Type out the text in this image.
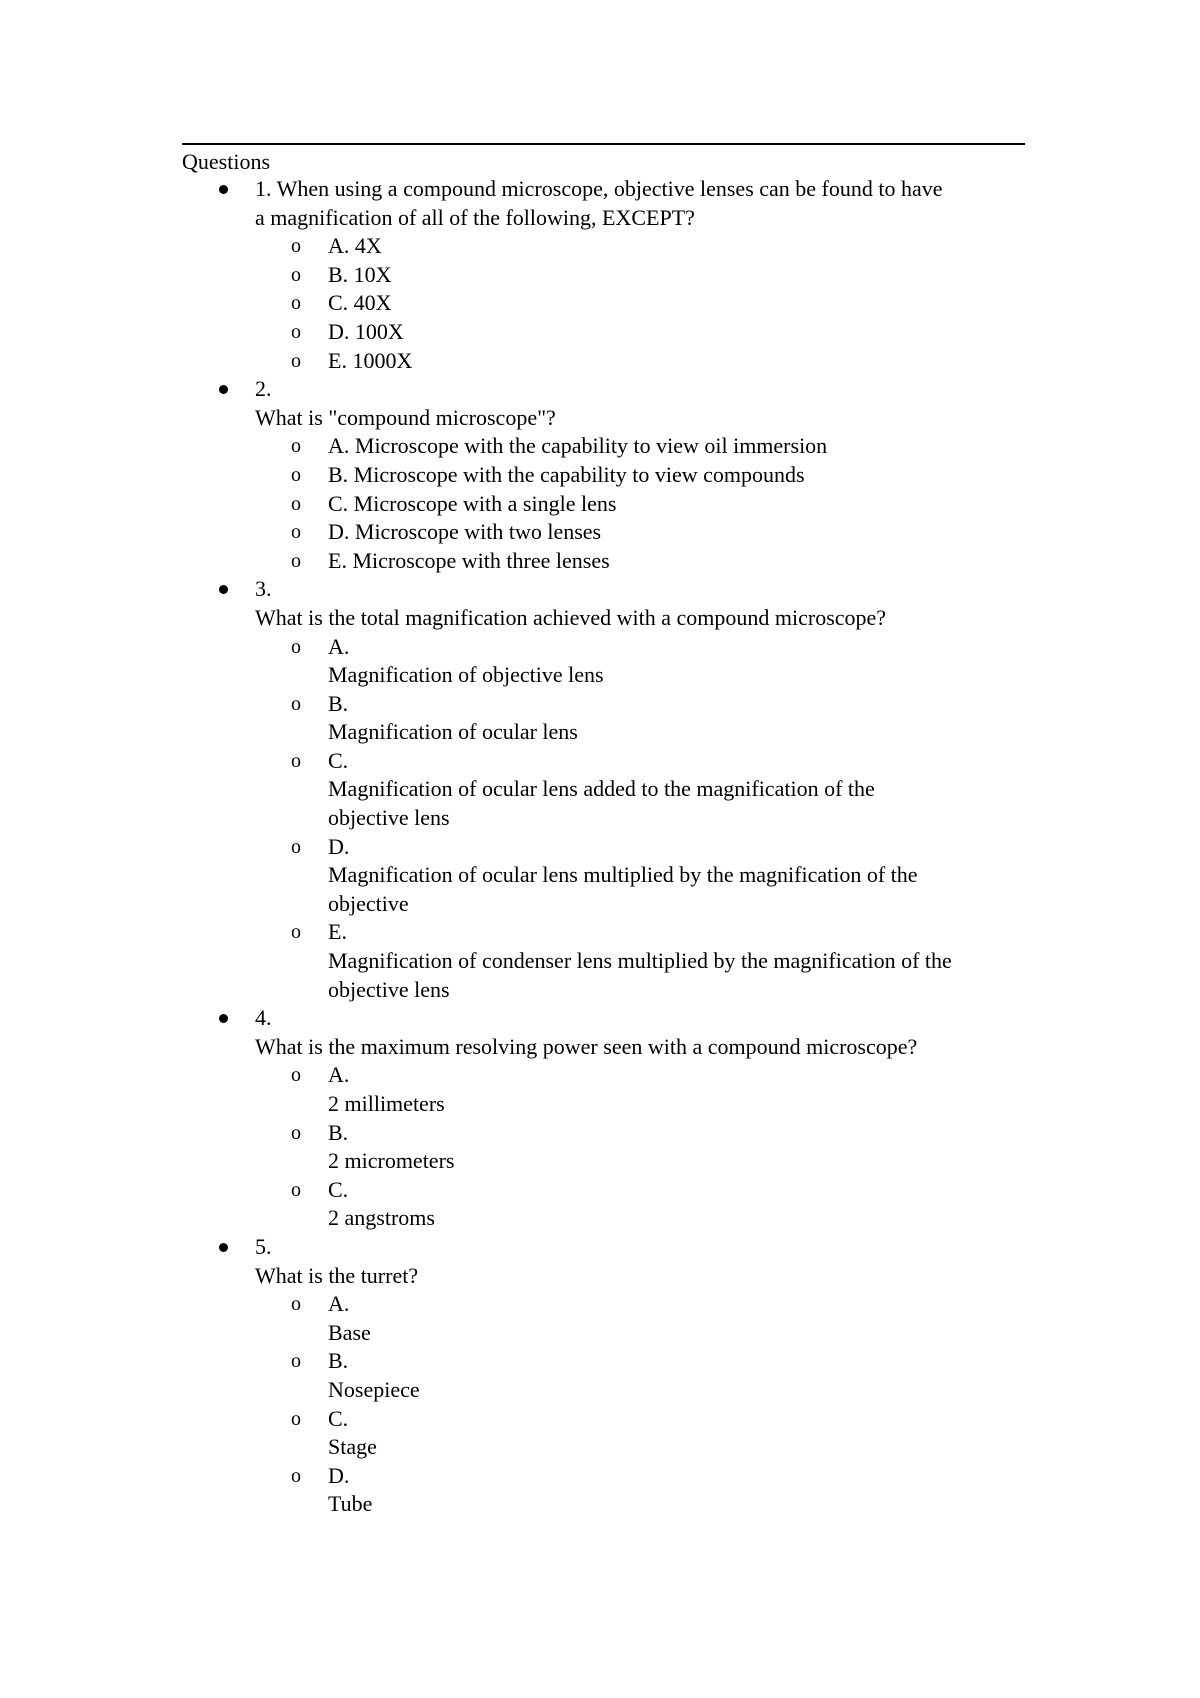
Questions
1. When using a compound microscope, objective lenses can be found to have
a magnification of all of the following, EXCEPT?
o A. 4X
o B. 10X
o C. 40X
o D. 100X
o E. 1000X
2.
What is "compound microscope"?
o A. Microscope with the capability to view oil immersion
o B. Microscope with the capability to view compounds
o C. Microscope with a single lens
o D. Microscope with two lenses
o E. Microscope with three lenses
3.
What is the total magnification achieved with a compound microscope?
o A.
Magnification of objective lens
o B.
Magnification of ocular lens
o C.
Magnification of ocular lens added to the magnification of the
objective lens
o D.
Magnification of ocular lens multiplied by the magnification of the
objective
o E.
Magnification of condenser lens multiplied by the magnification of the
objective lens
4.
What is the maximum resolving power seen with a compound microscope?
o A.
2 millimeters
o B.
2 micrometers
o C.
2 angstroms
5.
What is the turret?
o A.
Base
o B.
Nosepiece
o C.
Stage
o D.
Tube
